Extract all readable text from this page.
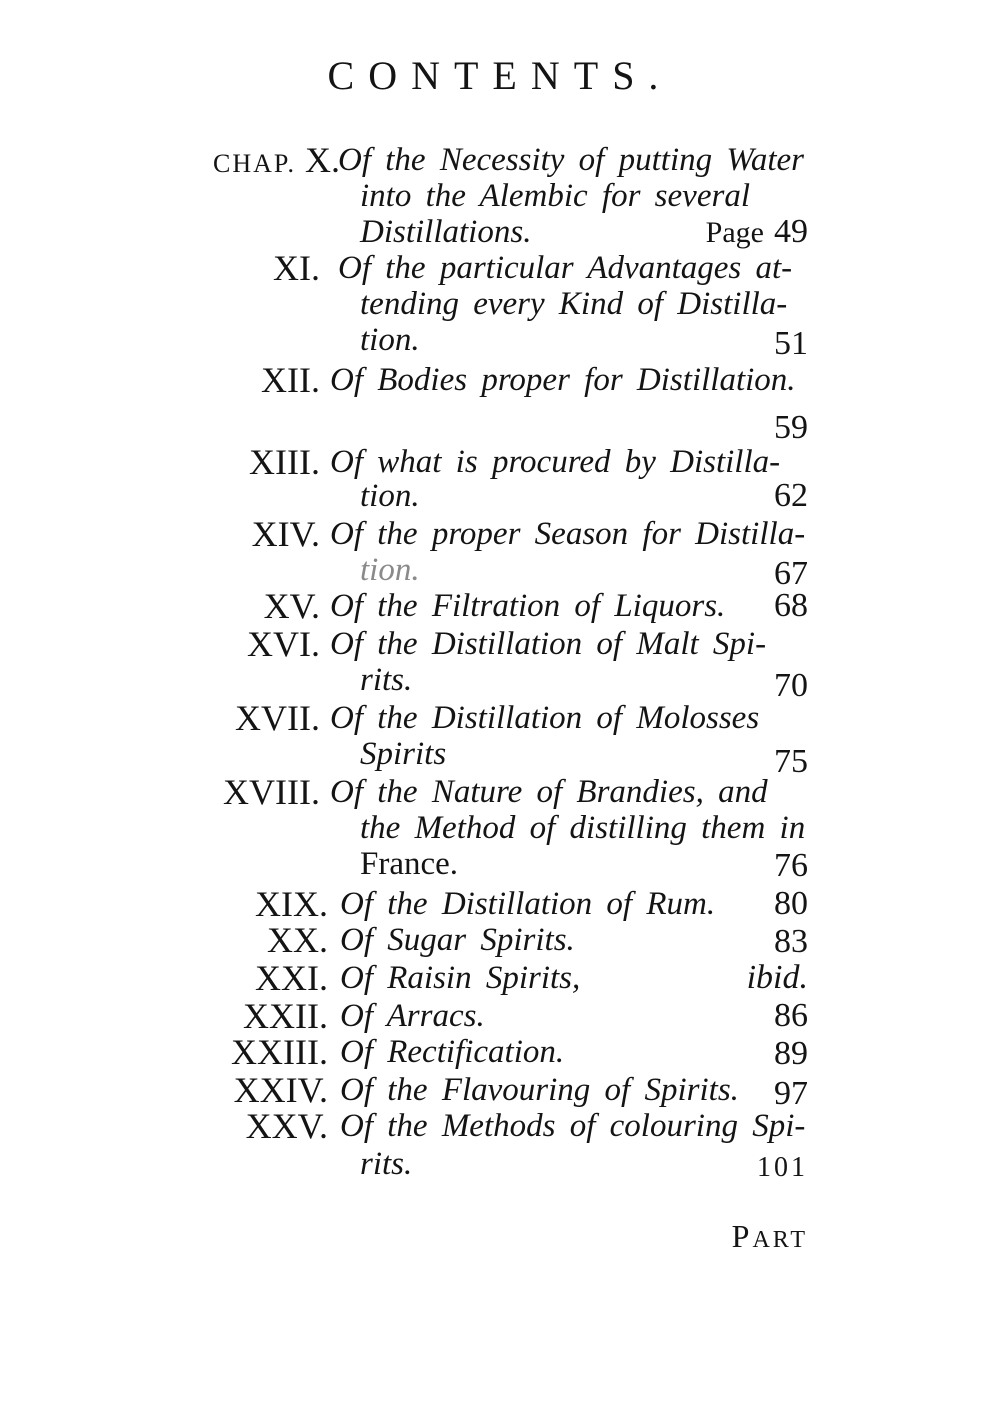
CONTENTS.
CHAP. X.
Of the Necessity of putting Water
into the Alembic for several
Distillations.	Page 49
XI. Of the particular Advantages at-
tending every Kind of Distilla-
tion.	51
XII. Of Bodies proper for Distillation.
59
XIII. Of what is procured by Distilla-
tion.	62
XIV. Of the proper Season for Distilla-
tion.	67
XV. Of the Filtration of Liquors. 68
XVI. Of the Distillation of Malt Spi-
rits.	70
XVII. Of the Distillation of Molosses
Spirits	75
XVIII. Of the Nature of Brandies, and
the Method of distilling them in
France.	76
XIX. Of the Distillation of Rum. 80
XX. Of Sugar Spirits.	83
XXI. Of Raisin Spirits,	ibid.
XXII. Of Arracs.	86
XXIII. Of Rectification.	89
XXIV. Of the Flavouring of Spirits. 97
XXV. Of the Methods of colouring Spi-
rits.	101
PART
